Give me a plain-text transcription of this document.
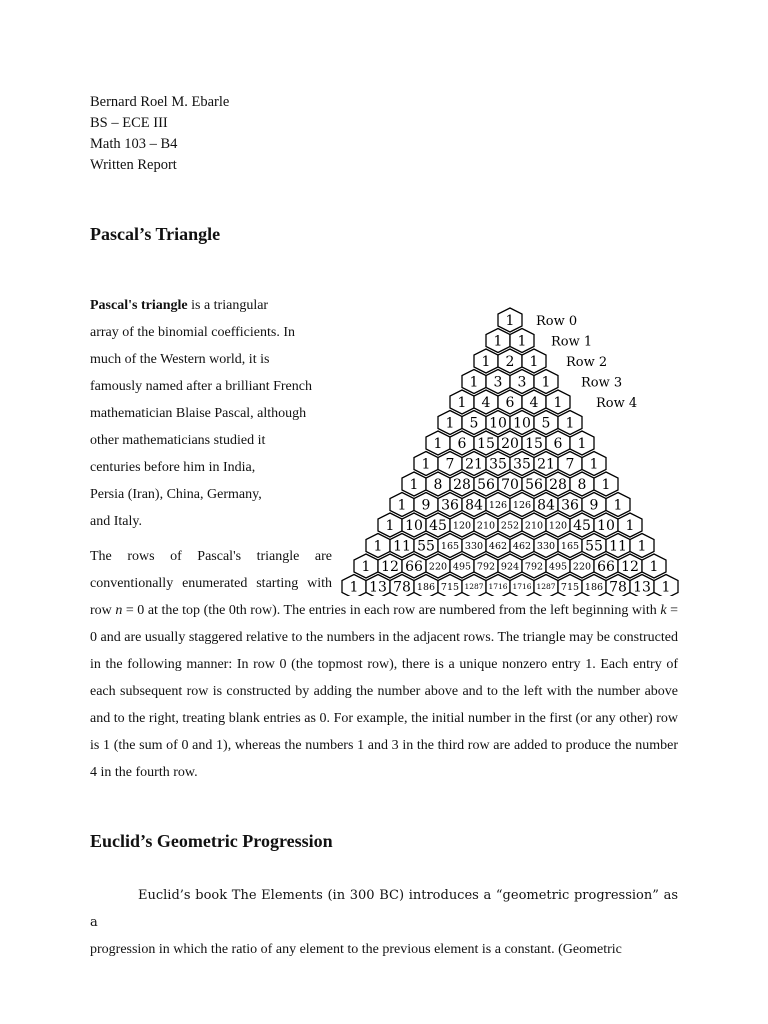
Bernard Roel M. Ebarle
BS – ECE III
Math 103 – B4
Written Report
Pascal’s Triangle
Pascal's triangle is a triangular
array of the binomial coefficients. In
much of the Western world, it is
famously named after a brilliant French
mathematician Blaise Pascal, although
other mathematicians studied it
centuries before him in India,
Persia (Iran), China, Germany,
and Italy.
The rows of Pascal's triangle are
conventionally enumerated starting with
row n = 0 at the top (the 0th row). The entries in each row are numbered from the left beginning with k = 0 and are usually staggered relative to the numbers in the adjacent rows. The triangle may be constructed in the following manner: In row 0 (the topmost row), there is a unique nonzero entry 1. Each entry of each subsequent row is constructed by adding the number above and to the left with the number above and to the right, treating blank entries as 0. For example, the initial number in the first (or any other) row is 1 (the sum of 0 and 1), whereas the numbers 1 and 3 in the third row are added to produce the number 4 in the fourth row.
1
1 1
1 2 1
1 3 3 1
1 4 6 4 1
1 5 10 10 5 1
1 6 15 20 15 6 1
1 7 21 35 35 21 7 1
1 8 28 56 70 56 28 8 1
1 9 36 84 126 126 84 36 9 1
1 10 45 120 210 252 210 120 45 10 1
1 11 55 165 330 462 462 330 165 55 11 1
1 12 66 220 495 792 924 792 495 220 66 12 1
1 13 78 186 715 1287 1716 1716 1287 715 186 78 13 1
Row 0
Row 1
Row 2
Row 3
Row 4
Euclid’s Geometric Progression
Euclid’s book The Elements (in 300 BC) introduces a “geometric progression” as a
progression in which the ratio of any element to the previous element is a constant. (Geometric
